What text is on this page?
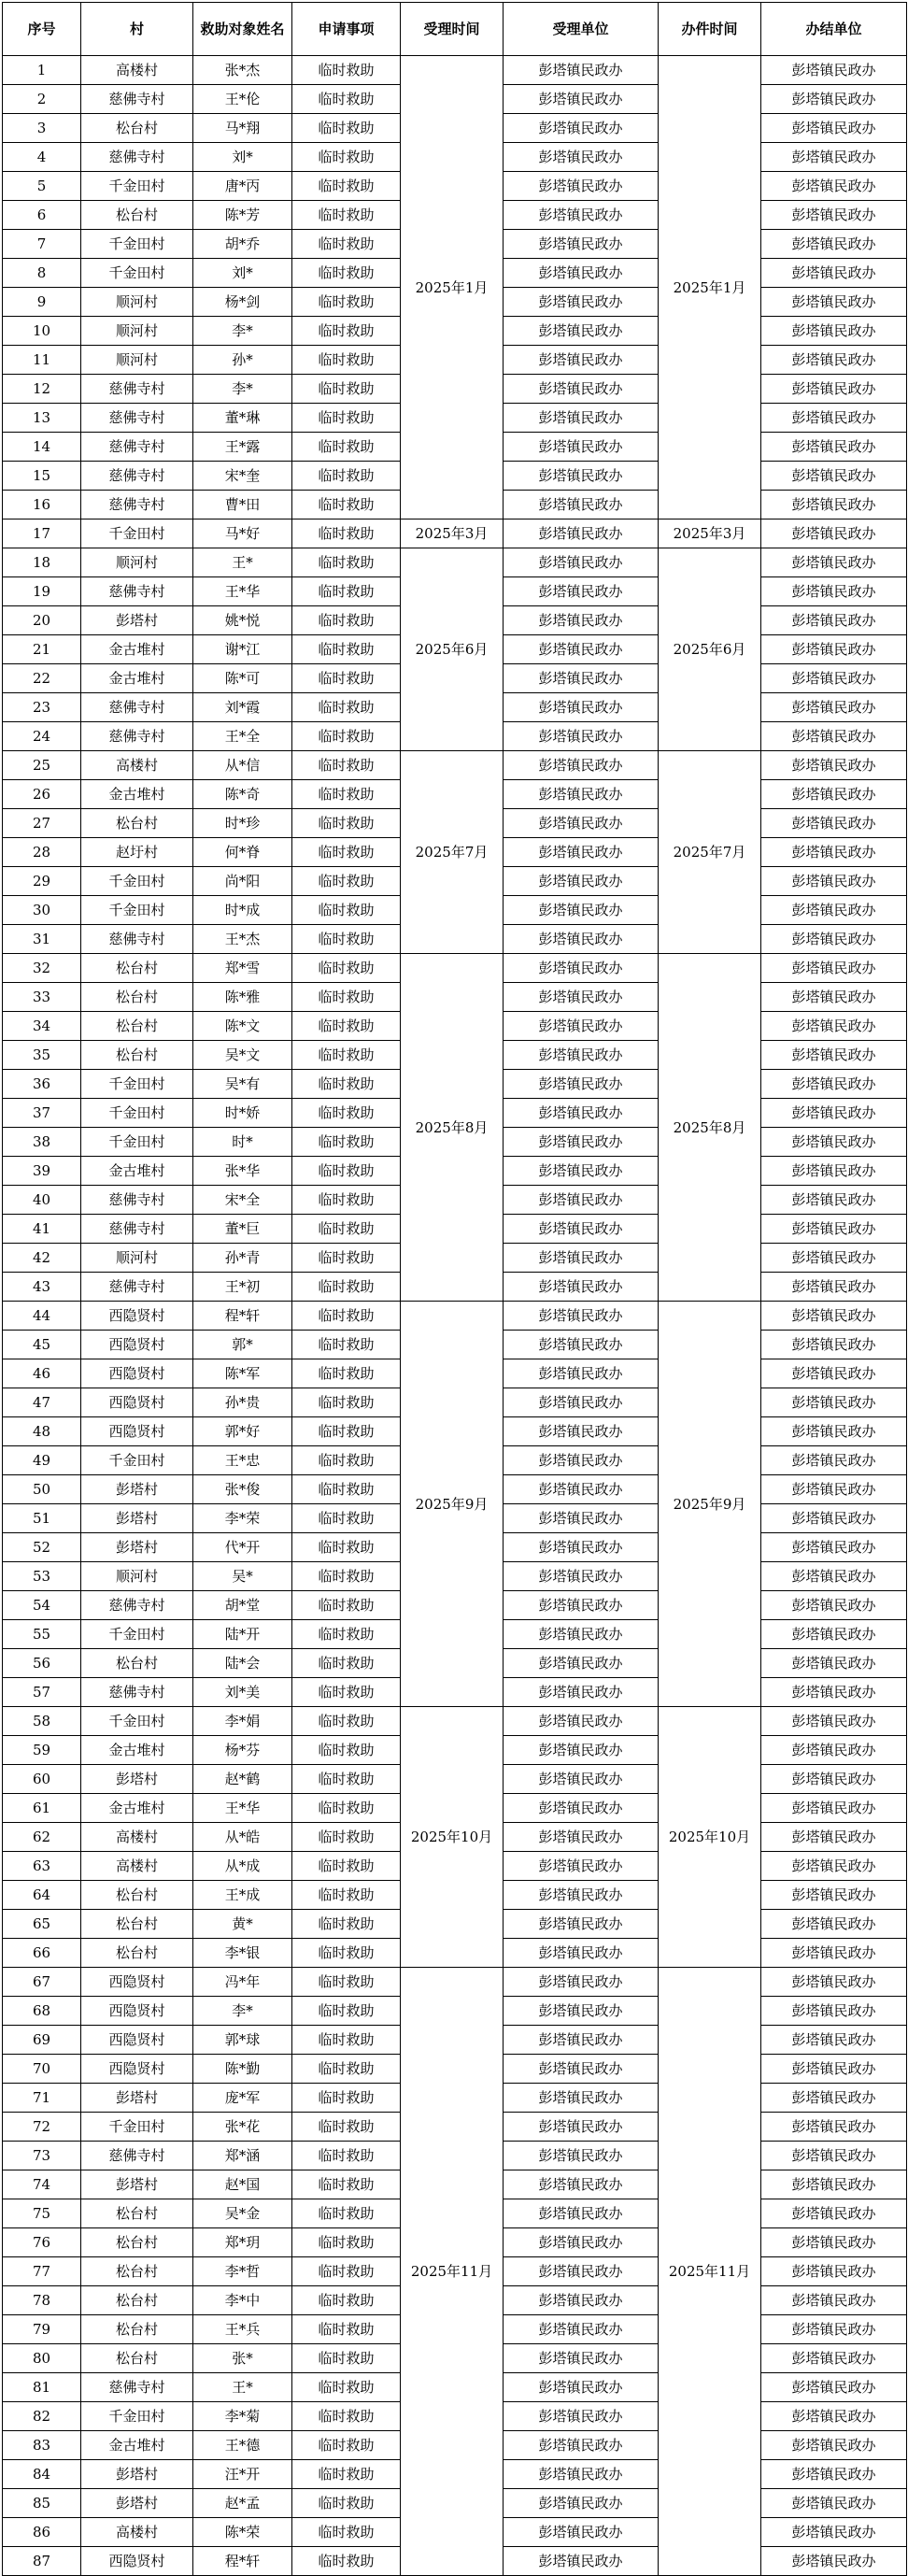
序号	村	救助对象姓名	申请事项	受理时间	受理单位	办件时间	办结单位
1	高楼村	张*杰	临时救助	2025年1月	彭塔镇民政办	2025年1月	彭塔镇民政办
2	慈佛寺村	王*伦	临时救助		彭塔镇民政办		彭塔镇民政办
3	松台村	马*翔	临时救助		彭塔镇民政办		彭塔镇民政办
4	慈佛寺村	刘*	临时救助		彭塔镇民政办		彭塔镇民政办
5	千金田村	唐*丙	临时救助		彭塔镇民政办		彭塔镇民政办
6	松台村	陈*芳	临时救助		彭塔镇民政办		彭塔镇民政办
7	千金田村	胡*乔	临时救助		彭塔镇民政办		彭塔镇民政办
8	千金田村	刘*	临时救助		彭塔镇民政办		彭塔镇民政办
9	顺河村	杨*剑	临时救助		彭塔镇民政办		彭塔镇民政办
10	顺河村	李*	临时救助		彭塔镇民政办		彭塔镇民政办
11	顺河村	孙*	临时救助		彭塔镇民政办		彭塔镇民政办
12	慈佛寺村	李*	临时救助		彭塔镇民政办		彭塔镇民政办
13	慈佛寺村	董*琳	临时救助		彭塔镇民政办		彭塔镇民政办
14	慈佛寺村	王*露	临时救助		彭塔镇民政办		彭塔镇民政办
15	慈佛寺村	宋*奎	临时救助		彭塔镇民政办		彭塔镇民政办
16	慈佛寺村	曹*田	临时救助		彭塔镇民政办		彭塔镇民政办
17	千金田村	马*好	临时救助	2025年3月	彭塔镇民政办	2025年3月	彭塔镇民政办
18	顺河村	王*	临时救助	2025年6月	彭塔镇民政办	2025年6月	彭塔镇民政办
19	慈佛寺村	王*华	临时救助		彭塔镇民政办		彭塔镇民政办
20	彭塔村	姚*悦	临时救助		彭塔镇民政办		彭塔镇民政办
21	金古堆村	谢*江	临时救助		彭塔镇民政办		彭塔镇民政办
22	金古堆村	陈*可	临时救助		彭塔镇民政办		彭塔镇民政办
23	慈佛寺村	刘*霞	临时救助		彭塔镇民政办		彭塔镇民政办
24	慈佛寺村	王*全	临时救助		彭塔镇民政办		彭塔镇民政办
25	高楼村	从*信	临时救助	2025年7月	彭塔镇民政办	2025年7月	彭塔镇民政办
26	金古堆村	陈*奇	临时救助		彭塔镇民政办		彭塔镇民政办
27	松台村	时*珍	临时救助		彭塔镇民政办		彭塔镇民政办
28	赵圩村	何*脊	临时救助		彭塔镇民政办		彭塔镇民政办
29	千金田村	尚*阳	临时救助		彭塔镇民政办		彭塔镇民政办
30	千金田村	时*成	临时救助		彭塔镇民政办		彭塔镇民政办
31	慈佛寺村	王*杰	临时救助		彭塔镇民政办		彭塔镇民政办
32	松台村	郑*雪	临时救助	2025年8月	彭塔镇民政办	2025年8月	彭塔镇民政办
33	松台村	陈*雅	临时救助		彭塔镇民政办		彭塔镇民政办
34	松台村	陈*文	临时救助		彭塔镇民政办		彭塔镇民政办
35	松台村	吴*文	临时救助		彭塔镇民政办		彭塔镇民政办
36	千金田村	吴*有	临时救助		彭塔镇民政办		彭塔镇民政办
37	千金田村	时*娇	临时救助		彭塔镇民政办		彭塔镇民政办
38	千金田村	时*	临时救助		彭塔镇民政办		彭塔镇民政办
39	金古堆村	张*华	临时救助		彭塔镇民政办		彭塔镇民政办
40	慈佛寺村	宋*全	临时救助		彭塔镇民政办		彭塔镇民政办
41	慈佛寺村	董*巨	临时救助		彭塔镇民政办		彭塔镇民政办
42	顺河村	孙*青	临时救助		彭塔镇民政办		彭塔镇民政办
43	慈佛寺村	王*初	临时救助		彭塔镇民政办		彭塔镇民政办
44	西隐贤村	程*轩	临时救助	2025年9月	彭塔镇民政办	2025年9月	彭塔镇民政办
45	西隐贤村	郭*	临时救助		彭塔镇民政办		彭塔镇民政办
46	西隐贤村	陈*军	临时救助		彭塔镇民政办		彭塔镇民政办
47	西隐贤村	孙*贵	临时救助		彭塔镇民政办		彭塔镇民政办
48	西隐贤村	郭*好	临时救助		彭塔镇民政办		彭塔镇民政办
49	千金田村	王*忠	临时救助		彭塔镇民政办		彭塔镇民政办
50	彭塔村	张*俊	临时救助		彭塔镇民政办		彭塔镇民政办
51	彭塔村	李*荣	临时救助		彭塔镇民政办		彭塔镇民政办
52	彭塔村	代*开	临时救助		彭塔镇民政办		彭塔镇民政办
53	顺河村	吴*	临时救助		彭塔镇民政办		彭塔镇民政办
54	慈佛寺村	胡*堂	临时救助		彭塔镇民政办		彭塔镇民政办
55	千金田村	陆*开	临时救助		彭塔镇民政办		彭塔镇民政办
56	松台村	陆*会	临时救助		彭塔镇民政办		彭塔镇民政办
57	慈佛寺村	刘*美	临时救助		彭塔镇民政办		彭塔镇民政办
58	千金田村	李*娟	临时救助	2025年10月	彭塔镇民政办	2025年10月	彭塔镇民政办
59	金古堆村	杨*芬	临时救助		彭塔镇民政办		彭塔镇民政办
60	彭塔村	赵*鹤	临时救助		彭塔镇民政办		彭塔镇民政办
61	金古堆村	王*华	临时救助		彭塔镇民政办		彭塔镇民政办
62	高楼村	从*皓	临时救助		彭塔镇民政办		彭塔镇民政办
63	高楼村	从*成	临时救助		彭塔镇民政办		彭塔镇民政办
64	松台村	王*成	临时救助		彭塔镇民政办		彭塔镇民政办
65	松台村	黄*	临时救助		彭塔镇民政办		彭塔镇民政办
66	松台村	李*银	临时救助		彭塔镇民政办		彭塔镇民政办
67	西隐贤村	冯*年	临时救助	2025年11月	彭塔镇民政办	2025年11月	彭塔镇民政办
68	西隐贤村	李*	临时救助		彭塔镇民政办		彭塔镇民政办
69	西隐贤村	郭*球	临时救助		彭塔镇民政办		彭塔镇民政办
70	西隐贤村	陈*勤	临时救助		彭塔镇民政办		彭塔镇民政办
71	彭塔村	庞*军	临时救助		彭塔镇民政办		彭塔镇民政办
72	千金田村	张*花	临时救助		彭塔镇民政办		彭塔镇民政办
73	慈佛寺村	郑*涵	临时救助		彭塔镇民政办		彭塔镇民政办
74	彭塔村	赵*国	临时救助		彭塔镇民政办		彭塔镇民政办
75	松台村	吴*金	临时救助		彭塔镇民政办		彭塔镇民政办
76	松台村	郑*玥	临时救助		彭塔镇民政办		彭塔镇民政办
77	松台村	李*哲	临时救助		彭塔镇民政办		彭塔镇民政办
78	松台村	李*中	临时救助		彭塔镇民政办		彭塔镇民政办
79	松台村	王*兵	临时救助		彭塔镇民政办		彭塔镇民政办
80	松台村	张*	临时救助		彭塔镇民政办		彭塔镇民政办
81	慈佛寺村	王*	临时救助		彭塔镇民政办		彭塔镇民政办
82	千金田村	李*菊	临时救助		彭塔镇民政办		彭塔镇民政办
83	金古堆村	王*德	临时救助		彭塔镇民政办		彭塔镇民政办
84	彭塔村	汪*开	临时救助		彭塔镇民政办		彭塔镇民政办
85	彭塔村	赵*孟	临时救助		彭塔镇民政办		彭塔镇民政办
86	高楼村	陈*荣	临时救助		彭塔镇民政办		彭塔镇民政办
87	西隐贤村	程*轩	临时救助		彭塔镇民政办		彭塔镇民政办
